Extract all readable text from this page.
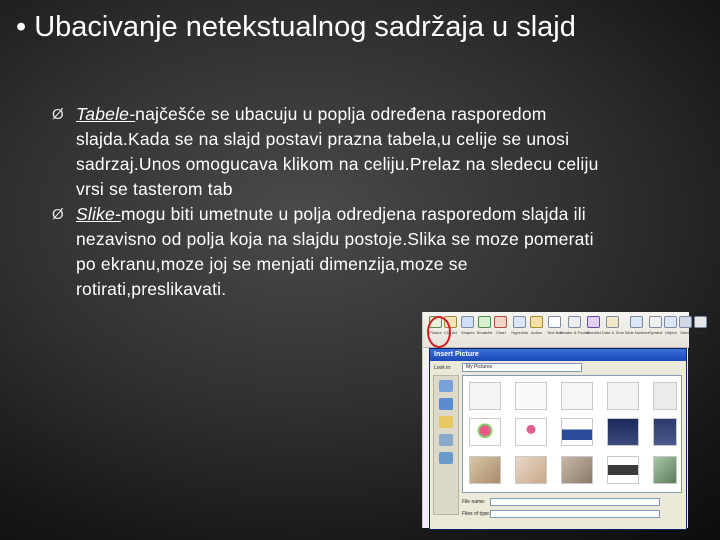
• Ubacivanje netekstualnog sadržaja u slajd
Ø Tabele-najčešće se ubacuju u popljа određena rasporedom slajda.Kada se na slajd postavi prazna tabela,u celije se unosi sadrzaj.Unos omogucava klikom na celiju.Prelaz na sledecu celiju vrsi se tasterom tab
Ø Slike-mogu biti umetnute u polja odredjena rasporedom slajda ili nezavisno od polja koja na slajdu postoje.Slika se moze pomerati po ekranu,moze joj se menjati dimenzija,moze se rotirati,preslikavati.
Picture Clip Art Shapes SmartArt Chart Hyperlink Action Text Box
Header & Footer
WordArt Date & Time Slide Number Symbol Object Movie Sound
Insert Picture
Look in:	My Pictures
File name:
Files of type:
